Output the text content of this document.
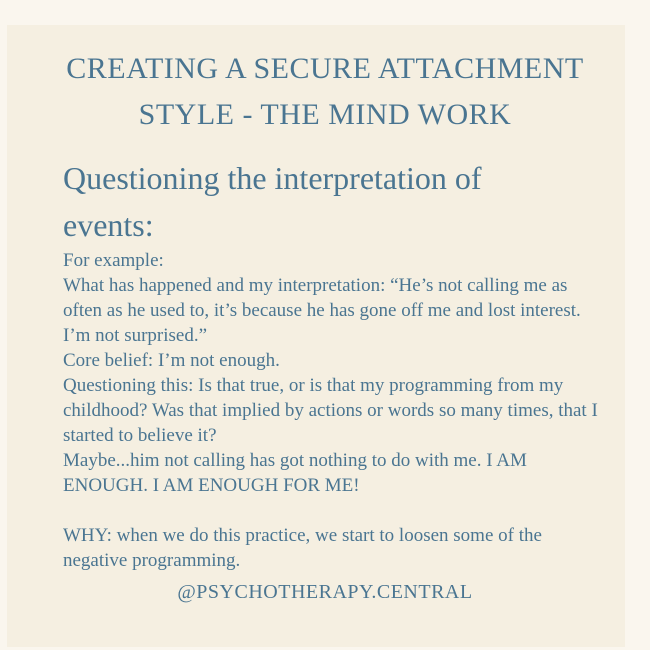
CREATING A SECURE ATTACHMENT
STYLE - THE MIND WORK
Questioning the interpretation of events:

For example:

What has happened and my interpretation: “He’s not calling me as often as he used to, it’s because he has gone off me and lost interest. I’m not surprised.”

Core belief: I’m not enough.

Questioning this: Is that true, or is that my programming from my childhood? Was that implied by actions or words so many times, that I started to believe it?

Maybe...him not calling has got nothing to do with me. I AM ENOUGH. I AM ENOUGH FOR ME!

WHY: when we do this practice, we start to loosen some of the negative programming.

@PSYCHOTHERAPY.CENTRAL
